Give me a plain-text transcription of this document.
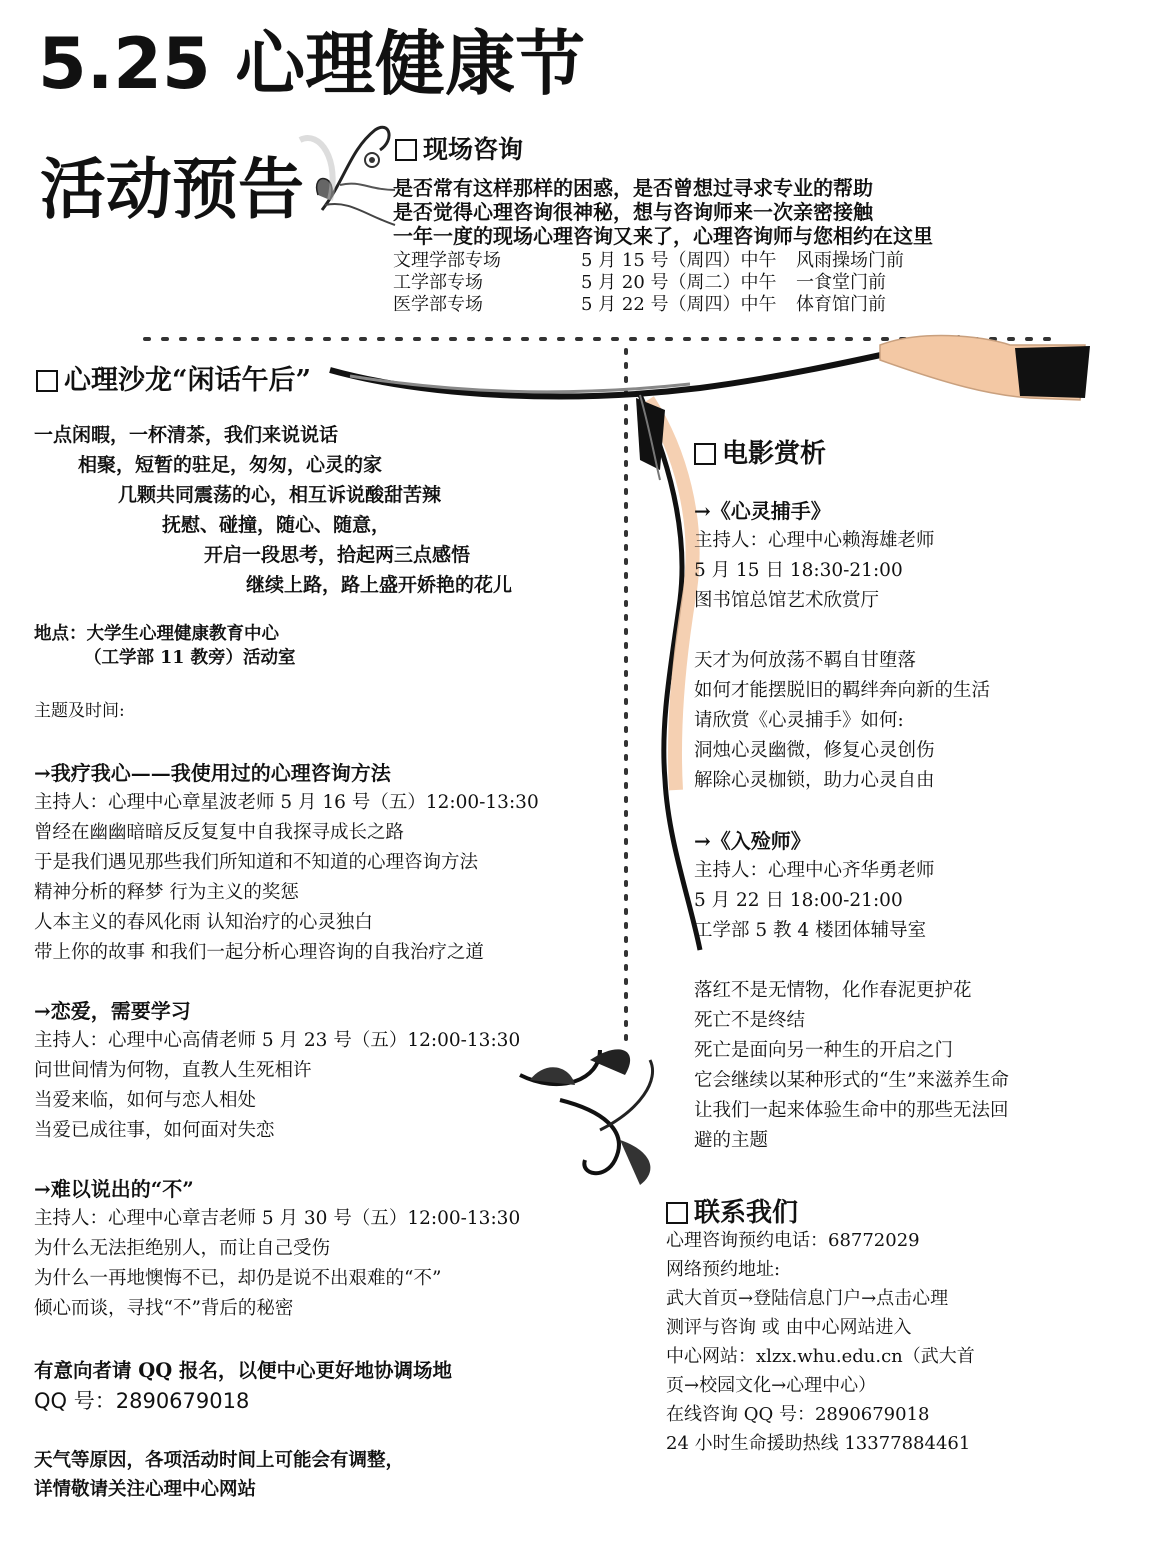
5.25 心理健康节
活动预告
现场咨询
是否常有这样那样的困惑，是否曾想过寻求专业的帮助
是否觉得心理咨询很神秘，想与咨询师来一次亲密接触
一年一度的现场心理咨询又来了，心理咨询师与您相约在这里
文理学部专场	5 月 15 号（周四）中午 风雨操场门前
工学部专场	5 月 20 号（周二）中午 一食堂门前
医学部专场	5 月 22 号（周四）中午 体育馆门前
心理沙龙“闲话午后”
一点闲暇，一杯清茶，我们来说说话
相聚，短暂的驻足，匆匆，心灵的家
几颗共同震荡的心，相互诉说酸甜苦辣
抚慰、碰撞，随心、随意，
开启一段思考，拾起两三点感悟
继续上路，路上盛开娇艳的花儿
地点：大学生心理健康教育中心
（工学部 11 教旁）活动室
主题及时间:
→我疗我心——我使用过的心理咨询方法
主持人：心理中心章星波老师 5 月 16 号（五）12:00-13:30
曾经在幽幽暗暗反反复复中自我探寻成长之路
于是我们遇见那些我们所知道和不知道的心理咨询方法
精神分析的释梦 行为主义的奖惩
人本主义的春风化雨 认知治疗的心灵独白
带上你的故事 和我们一起分析心理咨询的自我治疗之道
→恋爱，需要学习
主持人：心理中心高倩老师 5 月 23 号（五）12:00-13:30
问世间情为何物，直教人生死相许
当爱来临，如何与恋人相处
当爱已成往事，如何面对失恋
→难以说出的“不”
主持人：心理中心章吉老师 5 月 30 号（五）12:00-13:30
为什么无法拒绝别人，而让自己受伤
为什么一再地懊悔不已，却仍是说不出艰难的“不”
倾心而谈，寻找“不”背后的秘密
有意向者请 QQ 报名，以便中心更好地协调场地
QQ 号：2890679018
天气等原因，各项活动时间上可能会有调整，
详情敬请关注心理中心网站
电影赏析
→《心灵捕手》
主持人：心理中心赖海雄老师
5 月 15 日 18:30-21:00
图书馆总馆艺术欣赏厅
天才为何放荡不羁自甘堕落
如何才能摆脱旧的羁绊奔向新的生活
请欣赏《心灵捕手》如何:
洞烛心灵幽微，修复心灵创伤
解除心灵枷锁，助力心灵自由
→《入殓师》
主持人：心理中心齐华勇老师
5 月 22 日 18:00-21:00
工学部 5 教 4 楼团体辅导室
落红不是无情物，化作春泥更护花
死亡不是终结
死亡是面向另一种生的开启之门
它会继续以某种形式的“生”来滋养生命
让我们一起来体验生命中的那些无法回
避的主题
联系我们
心理咨询预约电话：68772029
网络预约地址:
武大首页→登陆信息门户→点击心理
测评与咨询 或 由中心网站进入
中心网站：xlzx.whu.edu.cn（武大首
页→校园文化→心理中心）
在线咨询 QQ 号：2890679018
24 小时生命援助热线 13377884461
